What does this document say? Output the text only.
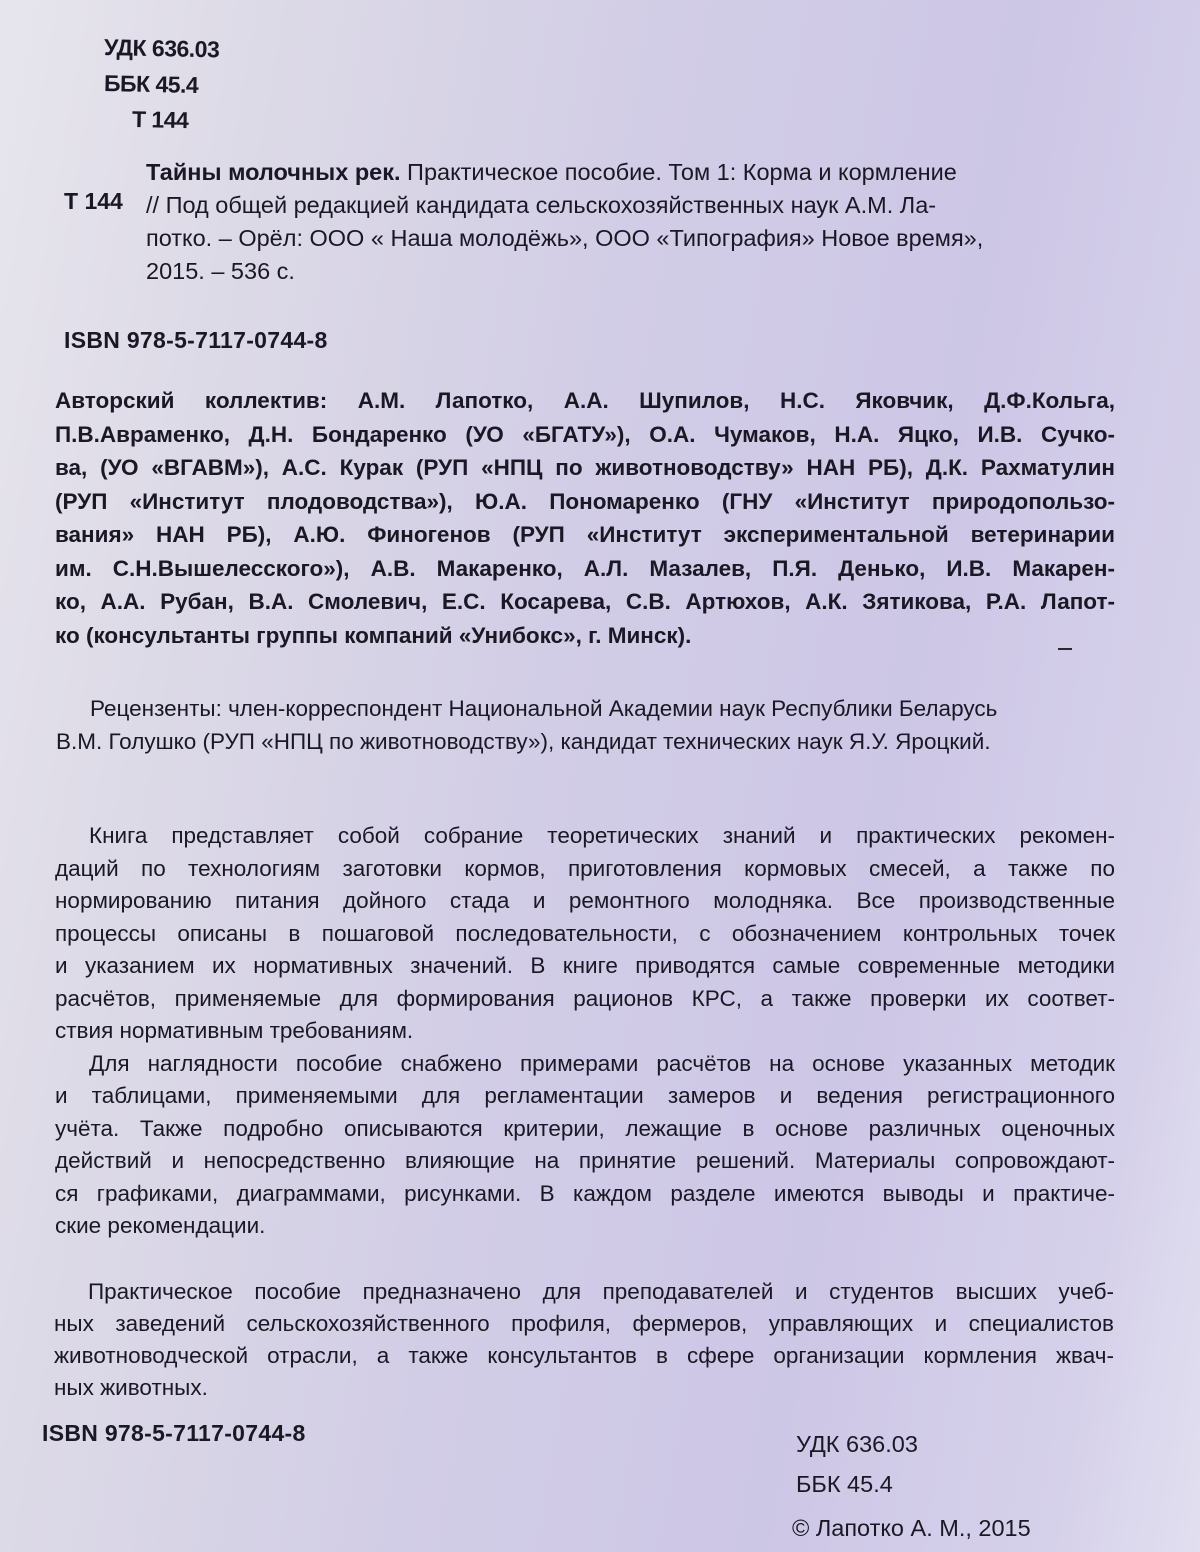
УДК 636.03
ББК 45.4
Т 144
Т 144
Тайны молочных рек. Практическое пособие. Том 1: Корма и кормление
// Под общей редакцией кандидата сельскохозяйственных наук А.М. Ла-
потко. – Орёл: ООО « Наша молодёжь», ООО «Типография» Новое время»,
2015. – 536 с.
ISBN 978-5-7117-0744-8
Авторский коллектив: А.М. Лапотко, А.А. Шупилов, Н.С. Яковчик, Д.Ф.Кольга,
П.В.Авраменко, Д.Н. Бондаренко (УО «БГАТУ»), О.А. Чумаков, Н.А. Яцко, И.В. Сучко-
ва, (УО «ВГАВМ»), А.С. Курак (РУП «НПЦ по животноводству» НАН РБ), Д.К. Рахматулин
(РУП «Институт плодоводства»), Ю.А. Пономаренко (ГНУ «Институт природопользо-
вания» НАН РБ), А.Ю. Финогенов (РУП «Институт экспериментальной ветеринарии
им. С.Н.Вышелесского»), А.В. Макаренко, А.Л. Мазалев, П.Я. Денько, И.В. Макарен-
ко, А.А. Рубан, В.А. Смолевич, Е.С. Косарева, С.В. Артюхов, А.К. Зятикова, Р.А. Лапот-
ко (консультанты группы компаний «Унибокс», г. Минск).
Рецензенты: член-корреспондент Национальной Академии наук Республики Беларусь
В.М. Голушко (РУП «НПЦ по животноводству»), кандидат технических наук Я.У. Яроцкий.
Книга представляет собой собрание теоретических знаний и практических рекомен-
даций по технологиям заготовки кормов, приготовления кормовых смесей, а также по
нормированию питания дойного стада и ремонтного молодняка. Все производственные
процессы описаны в пошаговой последовательности, с обозначением контрольных точек
и указанием их нормативных значений. В книге приводятся самые современные методики
расчётов, применяемые для формирования рационов КРС, а также проверки их соответ-
ствия нормативным требованиям.
Для наглядности пособие снабжено примерами расчётов на основе указанных методик
и таблицами, применяемыми для регламентации замеров и ведения регистрационного
учёта. Также подробно описываются критерии, лежащие в основе различных оценочных
действий и непосредственно влияющие на принятие решений. Материалы сопровождают-
ся графиками, диаграммами, рисунками. В каждом разделе имеются выводы и практиче-
ские рекомендации.
Практическое пособие предназначено для преподавателей и студентов высших учеб-
ных заведений сельскохозяйственного профиля, фермеров, управляющих и специалистов
животноводческой отрасли, а также консультантов в сфере организации кормления жвач-
ных животных.
ISBN 978-5-7117-0744-8	УДК 636.03
ББК 45.4
© Лапотко А. М., 2015
